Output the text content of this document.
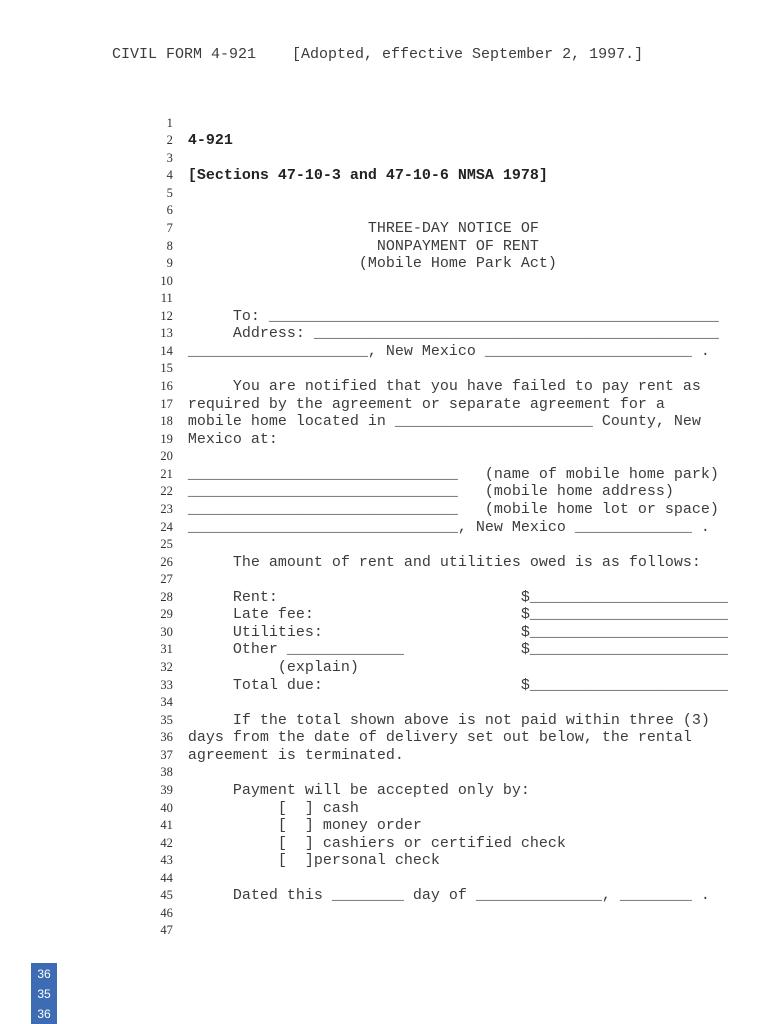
CIVIL FORM 4-921    [Adopted, effective September 2, 1997.]

1

2 4-921

3

4 [Sections 47-10-3 and 47-10-6 NMSA 1978]

5

6

7                    THREE-DAY NOTICE OF

8                     NONPAYMENT OF RENT

9                   (Mobile Home Park Act)

10

11

12     To: __________________________________________________

13     Address: _____________________________________________

14 ____________________, New Mexico _______________________ .

15

16     You are notified that you have failed to pay rent as

17 required by the agreement or separate agreement for a

18 mobile home located in ______________________ County, New

19 Mexico at:

20

21 ______________________________   (name of mobile home park)

22 ______________________________   (mobile home address)

23 ______________________________   (mobile home lot or space)

24 ______________________________, New Mexico _____________ .

25

26     The amount of rent and utilities owed is as follows:

27

28     Rent:                           $______________________

29     Late fee:                       $______________________

30     Utilities:                      $______________________

31     Other _____________             $______________________

32          (explain)

33     Total due:                      $______________________

34

35     If the total shown above is not paid within three (3)

36 days from the date of delivery set out below, the rental

37 agreement is terminated.

38

39     Payment will be accepted only by:

40          [  ] cash

41          [  ] money order

42          [  ] cashiers or certified check

43          [  ]personal check

44

45     Dated this ________ day of ______________, ________ .

46

47

36
35
36
